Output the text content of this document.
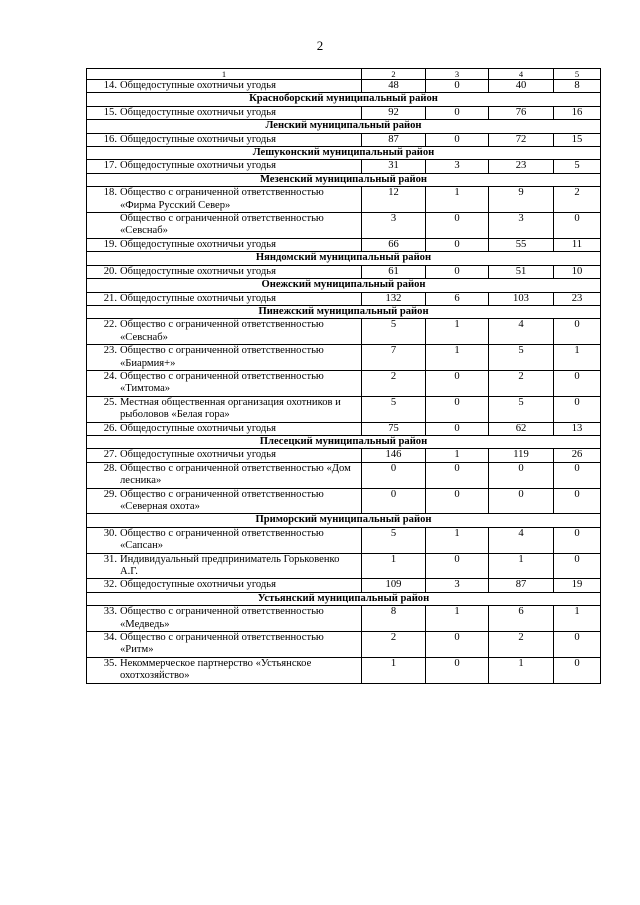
2
1	2	3	4	5
14. Общедоступные охотничьи угодья	48	0	40	8
Красноборский муниципальный район				
15. Общедоступные охотничьи угодья	92	0	76	16
Ленский муниципальный район				
16. Общедоступные охотничьи угодья	87	0	72	15
Лешуконский муниципальный район				
17. Общедоступные охотничьи угодья	31	3	23	5
Мезенский муниципальный район				
18. Общество с ограниченной ответственностью «Фирма Русский Север»	12	1	9	2
Общество с ограниченной ответственностью «Севснаб»	3	0	3	0
19. Общедоступные охотничьи угодья	66	0	55	11
Няндомский муниципальный район				
20. Общедоступные охотничьи угодья	61	0	51	10
Онежский муниципальный район				
21. Общедоступные охотничьи угодья	132	6	103	23
Пинежский муниципальный район				
22. Общество с ограниченной ответственностью «Севснаб»	5	1	4	0
23. Общество с ограниченной ответственностью «Биармия+»	7	1	5	1
24. Общество с ограниченной ответственностью «Тимтома»	2	0	2	0
25. Местная общественная организация охотников и рыболовов «Белая гора»	5	0	5	0
26. Общедоступные охотничьи угодья	75	0	62	13
Плесецкий муниципальный район				
27. Общедоступные охотничьи угодья	146	1	119	26
28. Общество с ограниченной ответственностью «Дом лесника»	0	0	0	0
29. Общество с ограниченной ответственностью «Северная охота»	0	0	0	0
Приморский муниципальный район				
30. Общество с ограниченной ответственностью «Сапсан»	5	1	4	0
31. Индивидуальный предприниматель Горьковенко А.Г.	1	0	1	0
32. Общедоступные охотничьи угодья	109	3	87	19
Устьянский муниципальный район				
33. Общество с ограниченной ответственностью «Медведь»	8	1	6	1
34. Общество с ограниченной ответственностью «Ритм»	2	0	2	0
35. Некоммерческое партнерство «Устьянское охотхозяйство»	1	0	1	0
